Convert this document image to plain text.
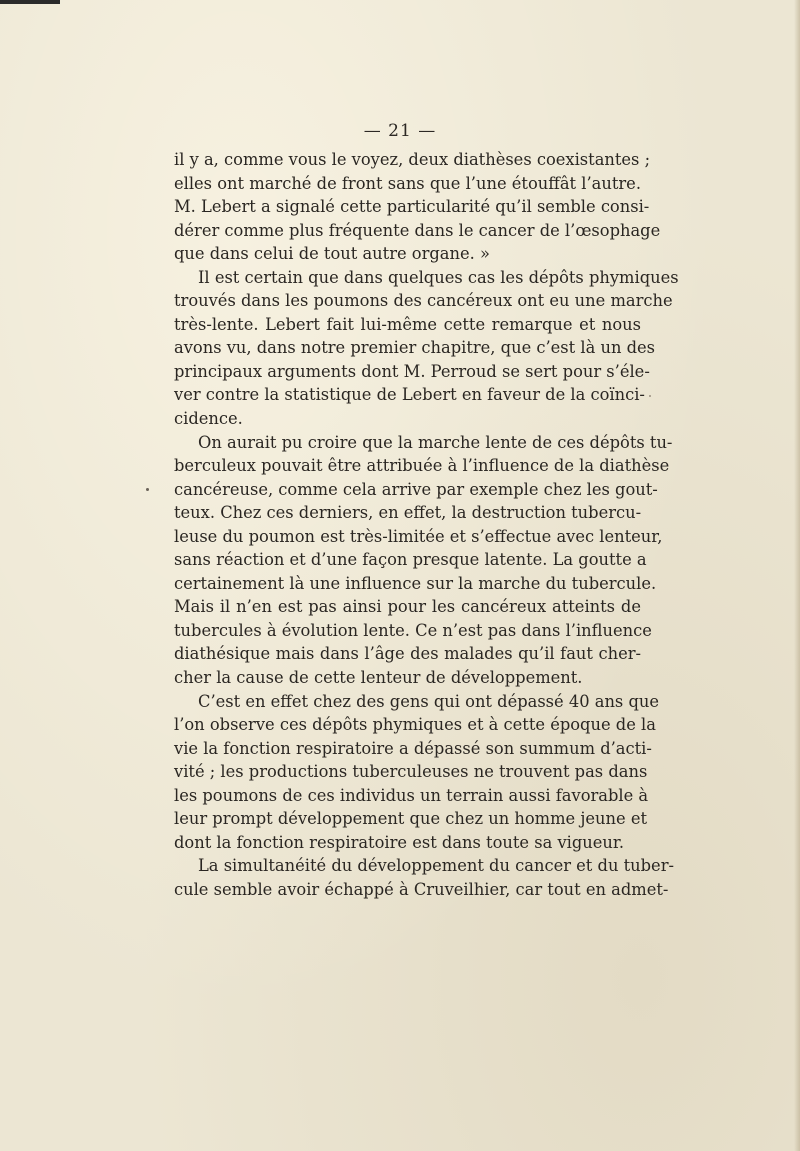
— 21 —
il y a, comme vous le voyez, deux diathèses coexistantes ;
elles ont marché de front sans que l’une étouffât l’autre.
M. Lebert a signalé cette particularité qu’il semble consi-
dérer comme plus fréquente dans le cancer de l’œsophage
que dans celui de tout autre organe. »
Il est certain que dans quelques cas les dépôts phymiques
trouvés dans les poumons des cancéreux ont eu une marche
très-lente. Lebert fait lui-même cette remarque et nous
avons vu, dans notre premier chapitre, que c’est là un des
principaux arguments dont M. Perroud se sert pour s’éle-
ver contre la statistique de Lebert en faveur de la coïnci-
cidence.
On aurait pu croire que la marche lente de ces dépôts tu-
berculeux pouvait être attribuée à l’influence de la diathèse
cancéreuse, comme cela arrive par exemple chez les gout-
teux. Chez ces derniers, en effet, la destruction tubercu-
leuse du poumon est très-limitée et s’effectue avec lenteur,
sans réaction et d’une façon presque latente. La goutte a
certainement là une influence sur la marche du tubercule.
Mais il n’en est pas ainsi pour les cancéreux atteints de
tubercules à évolution lente. Ce n’est pas dans l’influence
diathésique mais dans l’âge des malades qu’il faut cher-
cher la cause de cette lenteur de développement.
C’est en effet chez des gens qui ont dépassé 40 ans que
l’on observe ces dépôts phymiques et à cette époque de la
vie la fonction respiratoire a dépassé son summum d’acti-
vité ; les productions tuberculeuses ne trouvent pas dans
les poumons de ces individus un terrain aussi favorable à
leur prompt développement que chez un homme jeune et
dont la fonction respiratoire est dans toute sa vigueur.
La simultanéité du développement du cancer et du tuber-
cule semble avoir échappé à Cruveilhier, car tout en admet-
